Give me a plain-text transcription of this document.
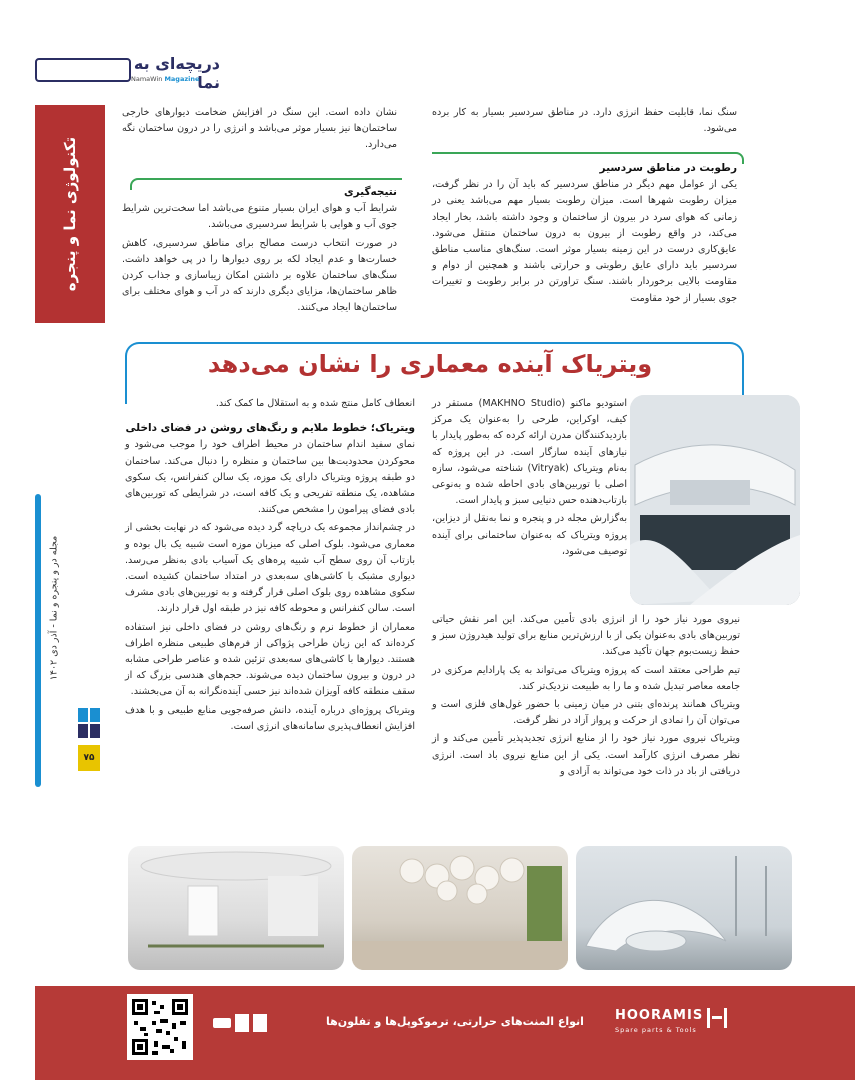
دریچه‌ای به نما
NamaWin Magazine
تکنولوژی نما و پنجره
مجله در و پنجره و نما - آذر دی ۱۴۰۲
۷۵

نشان داده است. این سنگ در افزایش ضخامت دیوارهای خارجی ساختمان‌ها نیز بسیار موثر می‌باشد و انرژی را در درون ساختمان نگه می‌دارد.

نتیجه‌گیری

شرایط آب و هوای ایران بسیار متنوع می‌باشد اما سخت‌ترین شرایط جوی آب و هوایی با شرایط سردسیری می‌باشد.

در صورت انتخاب درست مصالح برای مناطق سردسیری، کاهش خسارت‌ها و عدم ایجاد لکه بر روی دیوارها را در پی خواهد داشت. سنگ‌های ساختمان علاوه بر داشتن امکان زیبا‌سازی و جذاب کردن ظاهر ساختمان‌ها، مزایای دیگری دارند که در آب و هوای مختلف برای ساختمان‌ها ایجاد می‌کنند.

سنگ نما، قابلیت حفظ انرژی دارد. در مناطق سردسیر بسیار به کار برده می‌شود.

رطوبت در مناطق سردسیر

یکی از عوامل مهم دیگر در مناطق سردسیر که باید آن را در نظر گرفت، میزان رطوبت شهرها است. میزان رطوبت بسیار مهم می‌باشد یعنی در زمانی که هوای سرد در بیرون از ساختمان و وجود داشته باشد، بخار ایجاد می‌کند، در واقع رطوبت از بیرون به درون ساختمان منتقل می‌شود. عایق‌کاری درست در این زمینه بسیار موثر است. سنگ‌های مناسب مناطق سردسیر باید دارای عایق رطوبتی و حرارتی باشند و همچنین از دوام و مقاومت بالایی برخوردار باشند. سنگ تراورتن در برابر رطوبت و تغییرات جوی بسیار از خود مقاومت

ویتریاک آینده معماری را نشان می‌دهد

استودیو ماکنو (MAKHNO Studio) مستقر در کیف، اوکراین، طرحی را به‌عنوان یک مرکز بازدیدکنندگان مدرن ارائه کرده که به‌طور پایدار با نیازهای آینده سازگار است. در این پروژه که به‌نام ویتریاک (Vitryak) شناخته می‌شود، سازه اصلی با توربین‌های بادی احاطه شده و به‌نوعی بازتاب‌دهنده حس دنیایی سبز و پایدار است.

به‌گزارش مجله در و پنجره و نما به‌نقل از دیزاین، پروژه ویتریاک که به‌عنوان ساختمانی برای آینده توصیف می‌شود،

نیروی مورد نیاز خود را از انرژی بادی تأمین می‌کند. این امر نقش حیاتی توربین‌های بادی به‌عنوان یکی از با ارزش‌ترین منابع برای تولید هیدروژن سبز و حفظ زیست‌بوم جهان تأکید می‌کند.

تیم طراحی معتقد است که پروژه ویتریاک می‌تواند به یک پارادایم مرکزی در جامعه معاصر تبدیل شده و ما را به طبیعت نزدیک‌تر کند.

ویتریاک همانند پرنده‌ای بتنی در میان زمینی با حضور غول‌های فلزی است و می‌توان آن را نمادی از حرکت و پرواز آزاد در نظر گرفت.

ویتریاک نیروی مورد نیاز خود را از منابع انرژی تجدیدپذیر تأمین می‌کند و از نظر مصرف انرژی کارآمد است. یکی از این منابع نیروی باد است. انرژی دریافتی از باد در ذات خود می‌تواند به آزادی و

انعطاف کامل منتج شده و به استقلال ما کمک کند.

ویتریاک؛ خطوط ملایم و رنگ‌های روشن در فضای داخلی

نمای سفید اندام ساختمان در محیط اطراف خود را موجب می‌شود و محوکردن محدودیت‌ها بین ساختمان و منظره را دنبال می‌کند. ساختمان دو طبقه پروژه ویتریاک دارای یک موزه، یک سالن کنفرانس، یک سکوی مشاهده، یک منطقه تفریحی و یک کافه است، در شرایطی که توربین‌های بادی فضای پیرامون را مشخص می‌کنند.

در چشم‌انداز مجموعه یک دریاچه گرد دیده می‌شود که در نهایت بخشی از معماری می‌شود. بلوک اصلی که میزبان موزه است شبیه یک بال بوده و بازتاب آن روی سطح آب شبیه پره‌های یک آسیاب بادی به‌نظر می‌رسد. دیواری مشبک با کاشی‌های سه‌بعدی در امتداد ساختمان کشیده است. سکوی مشاهده روی بلوک اصلی قرار گرفته و به توربین‌های بادی مشرف است. سالن کنفرانس و محوطه کافه نیز در طبقه اول قرار دارند.

معماران از خطوط نرم و رنگ‌های روشن در فضای داخلی نیز استفاده کرده‌اند که این زبان طراحی پژواکی از فرم‌های طبیعی منظره اطراف هستند. دیوارها با کاشی‌های سه‌بعدی تزئین شده و عناصر طراحی مشابه در درون و بیرون ساختمان دیده می‌شوند. حجم‌های هندسی بزرگ که از سقف منطقه کافه آویزان شده‌اند نیز حسی آینده‌نگرانه به آن می‌بخشند.

ویتریاک پروژه‌ای درباره آینده، دانش صرفه‌جویی منابع طبیعی و با هدف افزایش انعطاف‌پذیری سامانه‌های انرژی است.

انواع المنت‌های حرارتی، ترموکوپل‌ها و تفلون‌ها	HOORAMIS
Spare parts & Tools
